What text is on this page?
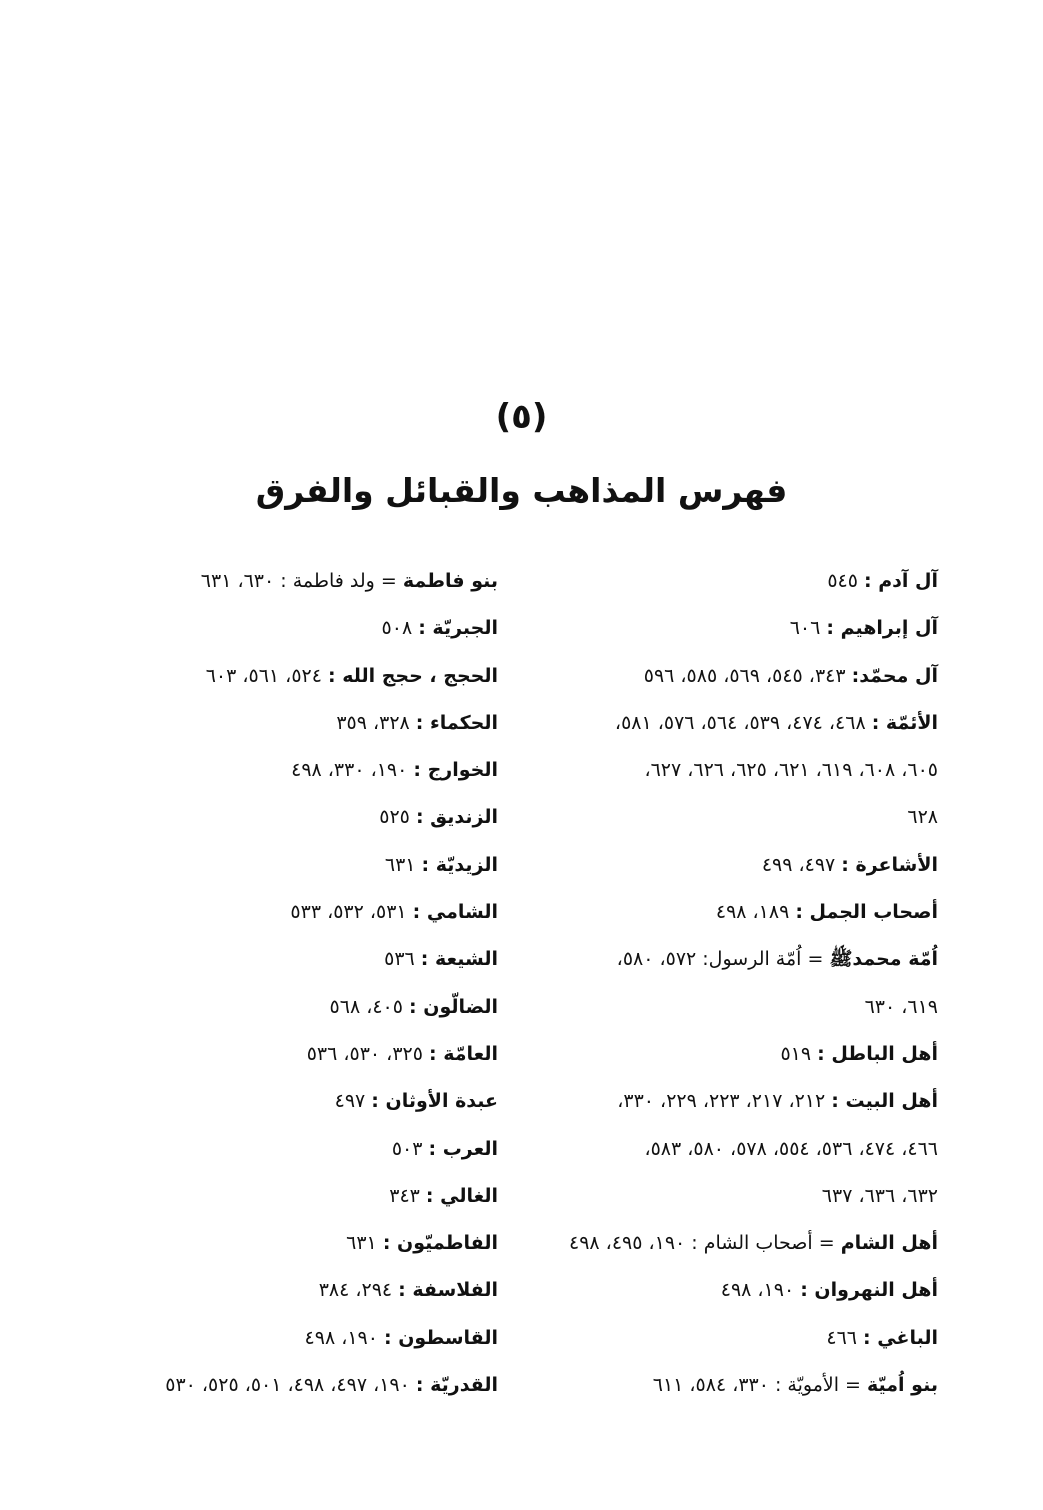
(٥)
فهرس المذاهب والقبائل والفرق
آل آدم : ٥٤٥
آل إبراهيم : ٦٠٦
آل محمّد: ٣٤٣، ٥٤٥، ٥٦٩، ٥٨٥، ٥٩٦
الأئمّة : ٤٦٨، ٤٧٤، ٥٣٩، ٥٦٤، ٥٧٦، ٥٨١،
٦٠٥، ٦٠٨، ٦١٩، ٦٢١، ٦٢٥، ٦٢٦، ٦٢٧،
٦٢٨
الأشاعرة : ٤٩٧، ٤٩٩
أصحاب الجمل : ١٨٩، ٤٩٨
اُمّة محمدﷺ = اُمّة الرسول: ٥٧٢، ٥٨٠،
٦١٩، ٦٣٠
أهل الباطل : ٥١٩
أهل البيت : ٢١٢، ٢١٧، ٢٢٣، ٢٢٩، ٣٣٠،
٤٦٦، ٤٧٤، ٥٣٦، ٥٥٤، ٥٧٨، ٥٨٠، ٥٨٣،
٦٣٢، ٦٣٦، ٦٣٧
أهل الشام = أصحاب الشام : ١٩٠، ٤٩٥، ٤٩٨
أهل النهروان : ١٩٠، ٤٩٨
الباغي : ٤٦٦
بنو اُميّة = الأمويّة : ٣٣٠، ٥٨٤، ٦١١
بنو فاطمة = ولد فاطمة : ٦٣٠، ٦٣١
الجبريّة : ٥٠٨
الحجج ، حجج الله : ٥٢٤، ٥٦١، ٦٠٣
الحكماء : ٣٢٨، ٣٥٩
الخوارج : ١٩٠، ٣٣٠، ٤٩٨
الزنديق : ٥٢٥
الزيديّة : ٦٣١
الشامي : ٥٣١، ٥٣٢، ٥٣٣
الشيعة : ٥٣٦
الضالّون : ٤٠٥، ٥٦٨
العامّة : ٣٢٥، ٥٣٠، ٥٣٦
عبدة الأوثان : ٤٩٧
العرب : ٥٠٣
الغالي : ٣٤٣
الفاطميّون : ٦٣١
الفلاسفة : ٢٩٤، ٣٨٤
القاسطون : ١٩٠، ٤٩٨
القدريّة : ١٩٠، ٤٩٧، ٤٩٨، ٥٠١، ٥٢٥، ٥٣٠
